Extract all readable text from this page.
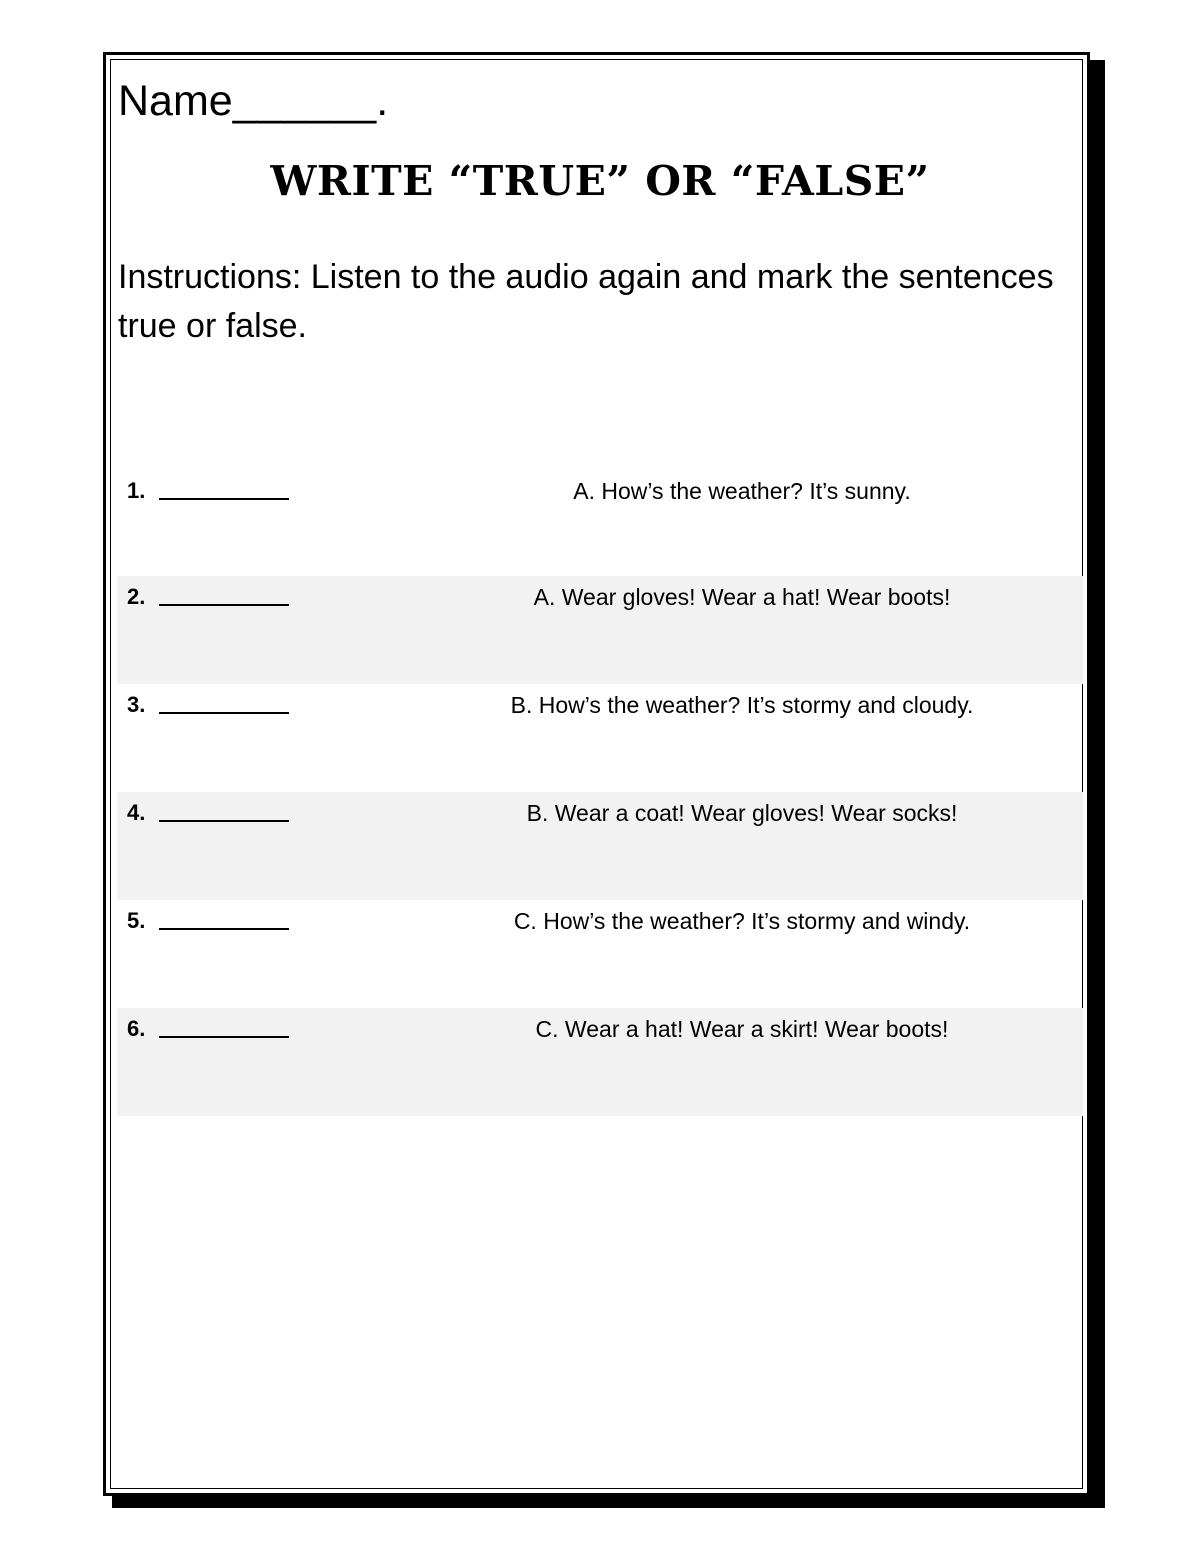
Name______.
WRITE “TRUE” OR “FALSE”
Instructions: Listen to the audio again and mark the sentences true or false.
1.	A. How’s the weather? It’s sunny.
2.	A. Wear gloves! Wear a hat! Wear boots!
3.	B. How’s the weather? It’s stormy and cloudy.
4.	B. Wear a coat! Wear gloves! Wear socks!
5.	C. How’s the weather? It’s stormy and windy.
6.	C. Wear a hat! Wear a skirt! Wear boots!
